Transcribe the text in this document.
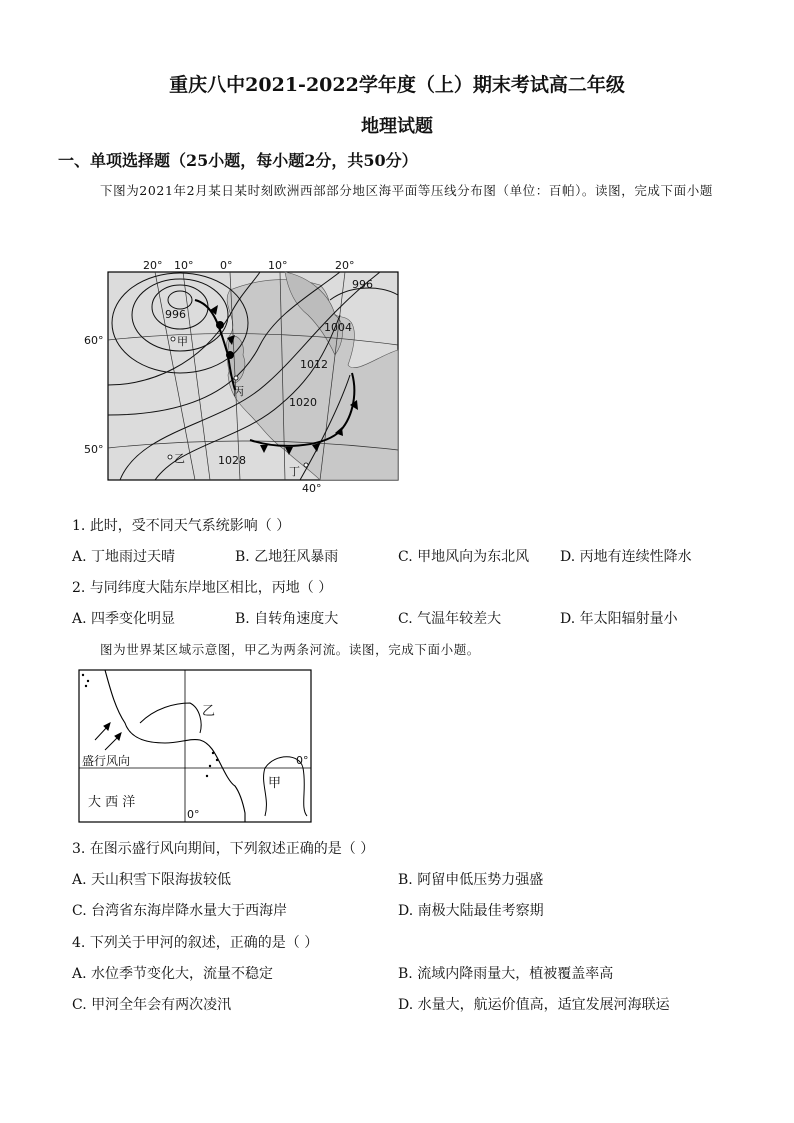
重庆八中2021-2022学年度（上）期末考试高二年级
地理试题
一、单项选择题（25小题，每小题2分，共50分）
下图为2021年2月某日某时刻欧洲西部部分地区海平面等压线分布图（单位：百帕）。读图，完成下面小题
20° 10° 0°	10°	20°
60°
50°
40°
996
996
1004
1012
1020
1028
甲
乙
丙
丁
1. 此时，受不同天气系统影响（ ）
A. 丁地雨过天晴	B. 乙地狂风暴雨	C. 甲地风向为东北风 D. 丙地有连续性降水
2. 与同纬度大陆东岸地区相比，丙地（ ）
A. 四季变化明显	B. 自转角速度大	C. 气温年较差大	D. 年太阳辐射量小
图为世界某区域示意图，甲乙为两条河流。读图，完成下面小题。
盛行风向
大 西 洋
乙
甲
0°
0°
3. 在图示盛行风向期间，下列叙述正确的是（ ）
A. 天山积雪下限海拔较低	B. 阿留申低压势力强盛
C. 台湾省东海岸降水量大于西海岸	D. 南极大陆最佳考察期
4. 下列关于甲河的叙述，正确的是（ ）
A. 水位季节变化大，流量不稳定	B. 流域内降雨量大，植被覆盖率高
C. 甲河全年会有两次凌汛	D. 水量大，航运价值高，适宜发展河海联运
